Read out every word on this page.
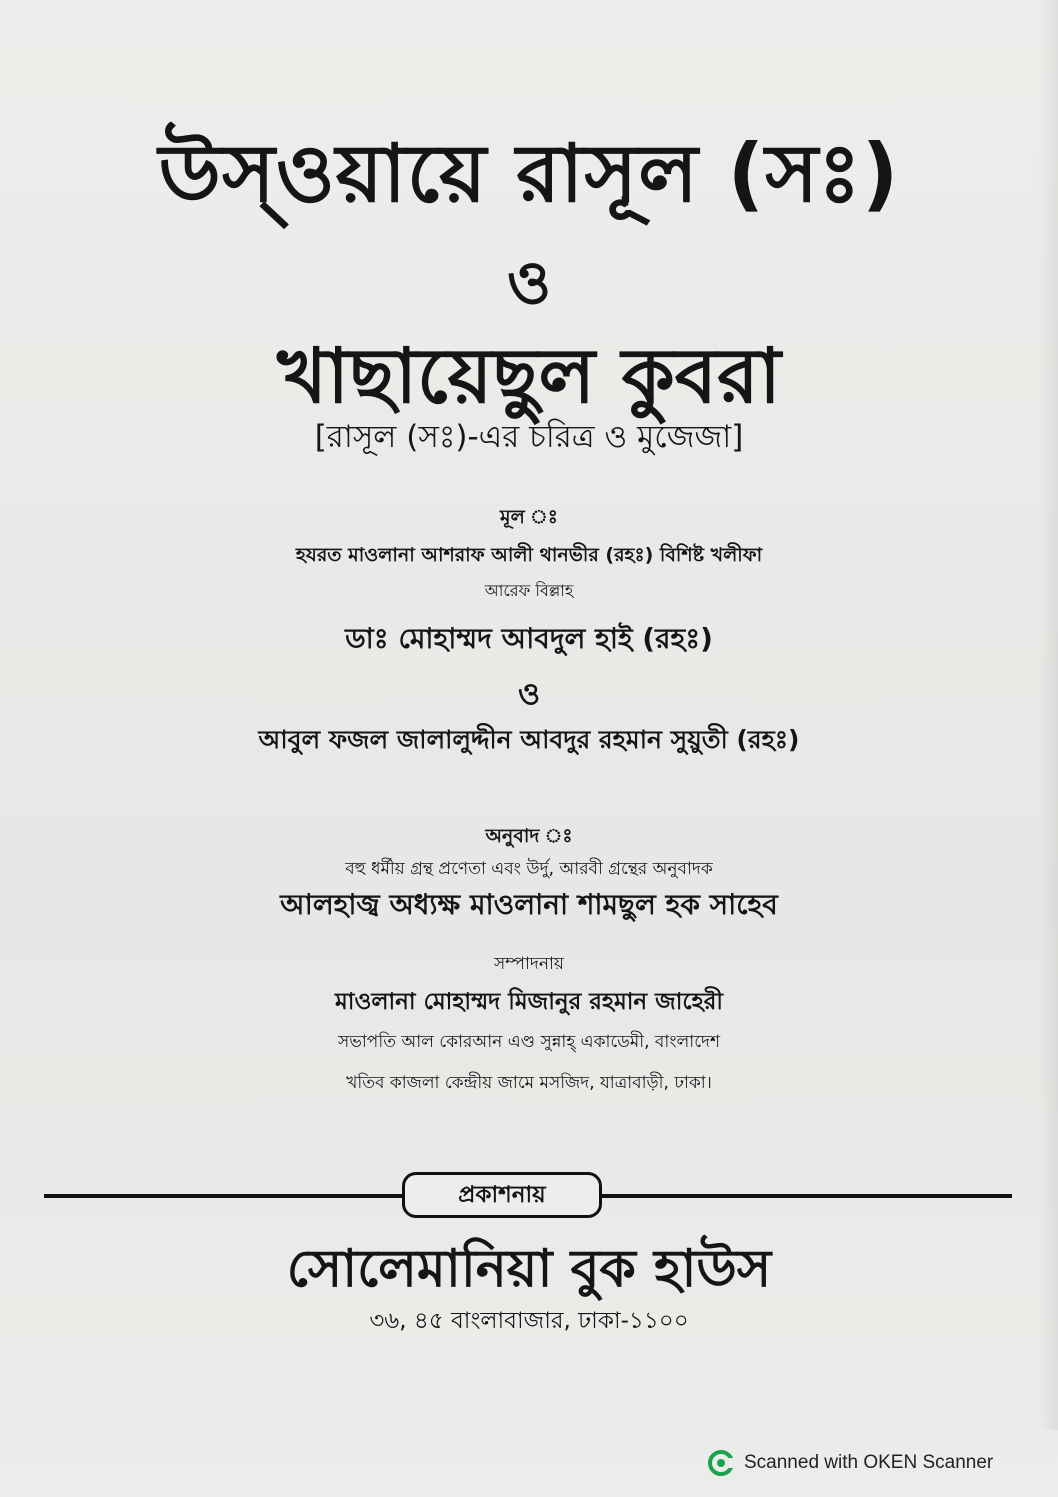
উস্ওয়ায়ে রাসূল (সঃ)
ও
খাছায়েছুল কুবরা
[রাসূল (সঃ)-এর চরিত্র ও মুজেজা]
মূল ঃ
হযরত মাওলানা আশরাফ আলী থানভীর (রহঃ) বিশিষ্ট খলীফা
আরেফ বিল্লাহ
ডাঃ মোহাম্মদ আবদুল হাই (রহঃ)
ও
আবুল ফজল জালালুদ্দীন আবদুর রহমান সুয়ুতী (রহঃ)
অনুবাদ ঃ
বহু ধর্মীয় গ্রন্থ প্রণেতা এবং উর্দু, আরবী গ্রন্থের অনুবাদক
আলহাজ্ব অধ্যক্ষ মাওলানা শামছুল হক সাহেব
সম্পাদনায়
মাওলানা মোহাম্মদ মিজানুর রহমান জাহেরী
সভাপতি আল কোরআন এণ্ড সুন্নাহ্ একাডেমী, বাংলাদেশ
খতিব কাজলা কেন্দ্রীয় জামে মসজিদ, যাত্রাবাড়ী, ঢাকা।
প্রকাশনায়
সোলেমানিয়া বুক হাউস
৩৬, ৪৫ বাংলাবাজার, ঢাকা-১১০০
Scanned with OKEN Scanner
